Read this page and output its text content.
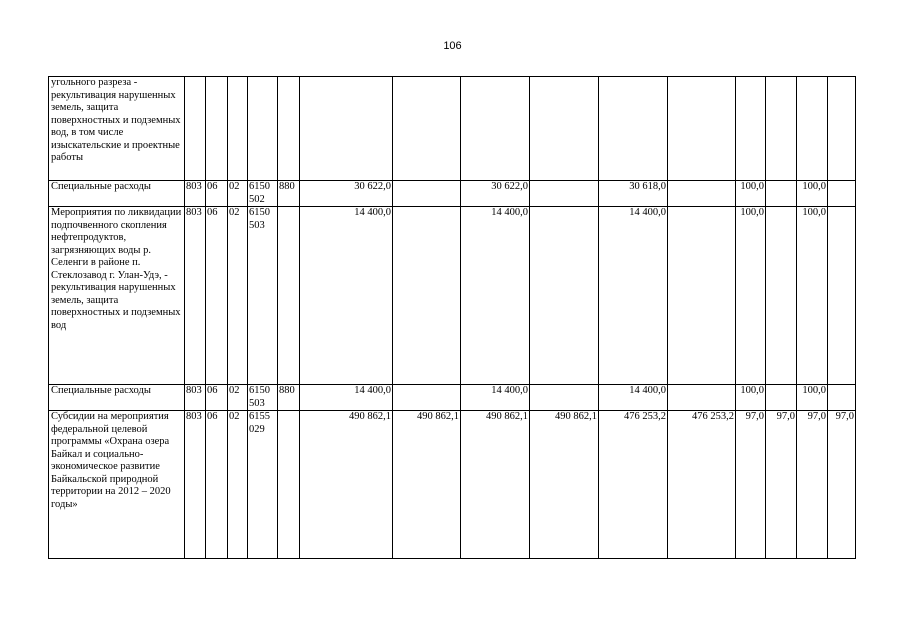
106
угольного разреза - рекультивация нарушенных земель, защита поверхностных и подземных вод, в том числе изыскательские и проектные работы															
Специальные расходы	803	06	02	6150 502	880	30 622,0		30 622,0		30 618,0		100,0		100,0	
Мероприятия по ликвидации подпочвенного скопления нефтепродуктов, загрязняющих воды р. Селенги в районе п. Стеклозавод г. Улан-Удэ, - рекультивация нарушенных земель, защита поверхностных и подземных вод	803	06	02	6150 503		14 400,0		14 400,0		14 400,0		100,0		100,0	
Специальные расходы	803	06	02	6150 503	880	14 400,0		14 400,0		14 400,0		100,0		100,0	
Субсидии на мероприятия федеральной целевой программы «Охрана озера Байкал и социально-экономическое развитие Байкальской природной территории на 2012 – 2020 годы»	803	06	02	6155 029		490 862,1	490 862,1	490 862,1	490 862,1	476 253,2	476 253,2	97,0	97,0	97,0	97,0
